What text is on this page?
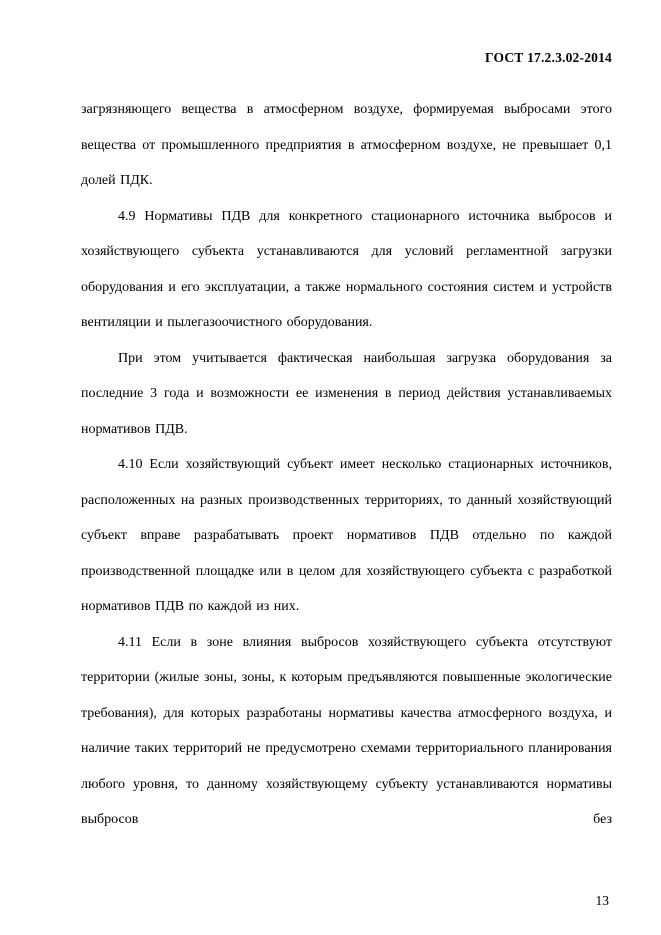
ГОСТ 17.2.3.02-2014

загрязняющего вещества в атмосферном воздухе, формируемая выбросами этого вещества от промышленного предприятия в атмосферном воздухе, не превышает 0,1 долей ПДК.

4.9 Нормативы ПДВ для конкретного стационарного источника выбросов и хозяйствующего субъекта устанавливаются для условий регламентной загрузки оборудования и его эксплуатации, а также нормального состояния систем и устройств вентиляции и пылегазоочистного оборудования.

При этом учитывается фактическая наибольшая загрузка оборудования за последние 3 года и возможности ее изменения в период действия устанавливаемых нормативов ПДВ.

4.10 Если хозяйствующий субъект имеет несколько стационарных источников, расположенных на разных производственных территориях, то данный хозяйствующий субъект вправе разрабатывать проект нормативов ПДВ отдельно по каждой производственной площадке или в целом для хозяйствующего субъекта с разработкой нормативов ПДВ по каждой из них.

4.11 Если в зоне влияния выбросов хозяйствующего субъекта отсутствуют территории (жилые зоны, зоны, к которым предъявляются повышенные экологические требования), для которых разработаны нормативы качества атмосферного воздуха, и наличие таких территорий не предусмотрено схемами территориального планирования любого уровня, то данному хозяйствующему субъекту устанавливаются нормативы выбросов без

13
